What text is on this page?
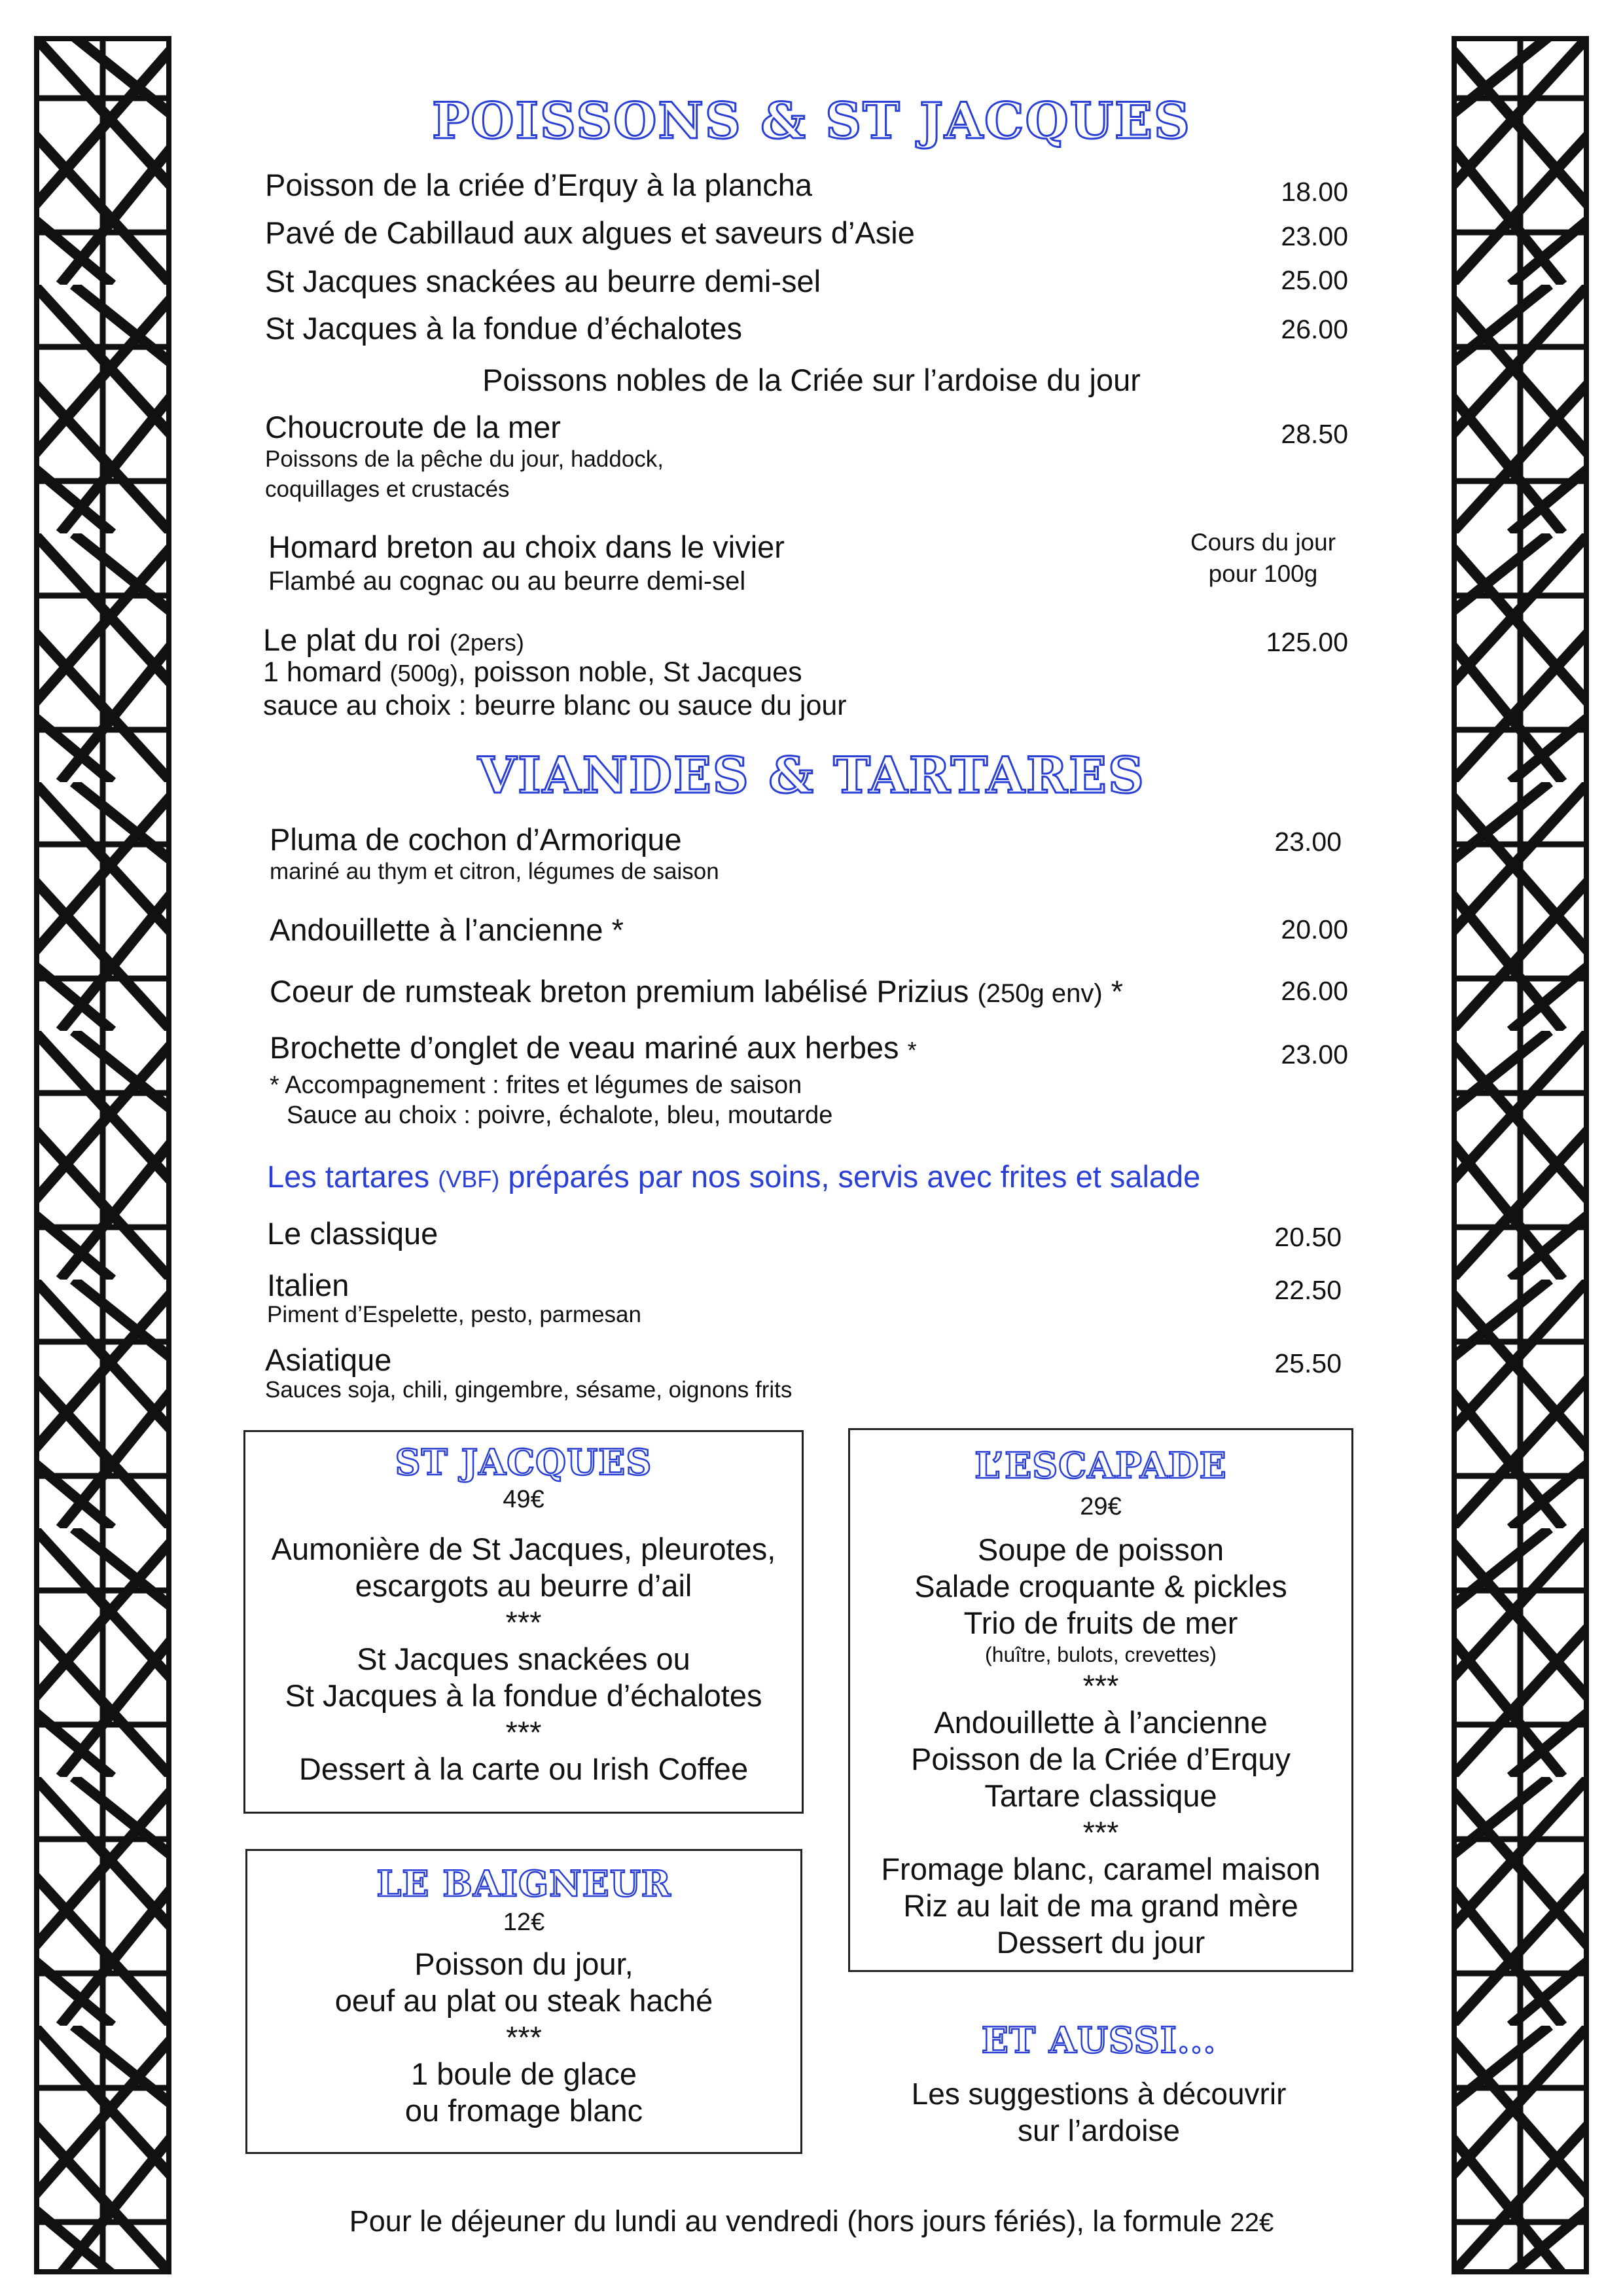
POISSONS & ST JACQUES
Poisson de la criée d’Erquy à la plancha	18.00
Pavé de Cabillaud aux algues et saveurs d’Asie	23.00
St Jacques snackées au beurre demi-sel	25.00
St Jacques à la fondue d’échalotes	26.00
Poissons nobles de la Criée sur l’ardoise du jour
Choucroute de la mer
Poissons de la pêche du jour, haddock,
coquillages et crustacés
28.50
Homard breton au choix dans le vivier
Flambé au cognac ou au beurre demi-sel
Cours du jour
pour 100g
Le plat du roi (2pers)
1 homard (500g), poisson noble, St Jacques
sauce au choix : beurre blanc ou sauce du jour
125.00
VIANDES & TARTARES
Pluma de cochon d’Armorique
mariné au thym et citron, légumes de saison
23.00
Andouillette à l’ancienne *	20.00
Coeur de rumsteak breton premium labélisé Prizius (250g env) *	26.00
Brochette d’onglet de veau mariné aux herbes *	23.00
* Accompagnement : frites et légumes de saison
Sauce au choix : poivre, échalote, bleu, moutarde
Les tartares (VBF) préparés par nos soins, servis avec frites et salade
Le classique	20.50
Italien
Piment d’Espelette, pesto, parmesan
22.50
Asiatique
Sauces soja, chili, gingembre, sésame, oignons frits
25.50
ST JACQUES
49€
Aumonière de St Jacques, pleurotes,
escargots au beurre d’ail
***
St Jacques snackées ou
St Jacques à la fondue d’échalotes
***
Dessert à la carte ou Irish Coffee
L’ESCAPADE
29€
Soupe de poisson
Salade croquante & pickles
Trio de fruits de mer
(huître, bulots, crevettes)
***
Andouillette à l’ancienne
Poisson de la Criée d’Erquy
Tartare classique
***
Fromage blanc, caramel maison
Riz au lait de ma grand mère
Dessert du jour
LE BAIGNEUR
12€
Poisson du jour,
oeuf au plat ou steak haché
***
1 boule de glace
ou fromage blanc
ET AUSSI...
Les suggestions à découvrir
sur l’ardoise
Pour le déjeuner du lundi au vendredi (hors jours fériés), la formule 22€
